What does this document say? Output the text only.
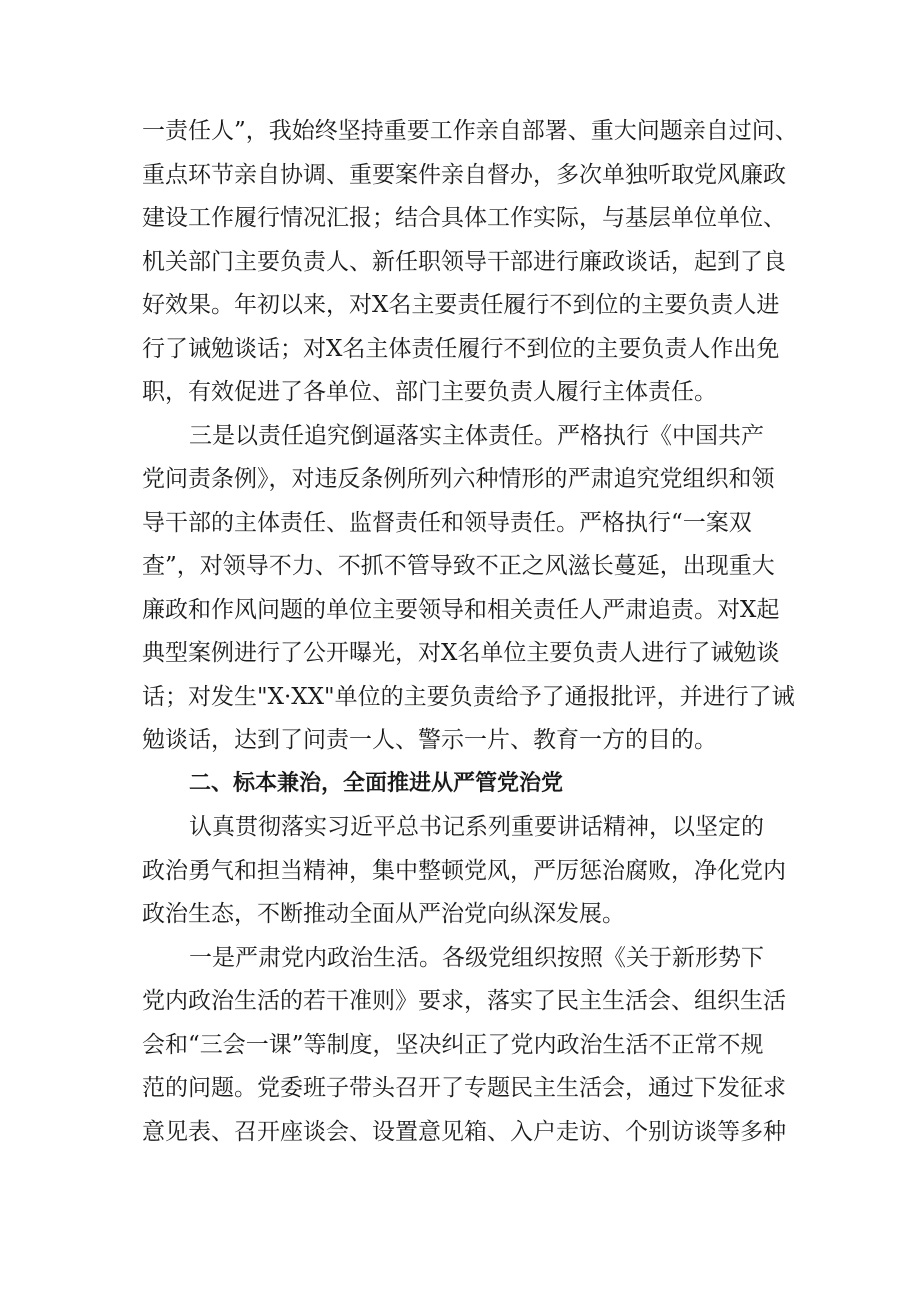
一责任人”，我始终坚持重要工作亲自部署、重大问题亲自过问、
重点环节亲自协调、重要案件亲自督办，多次单独听取党风廉政
建设工作履行情况汇报；结合具体工作实际，与基层单位单位、
机关部门主要负责人、新任职领导干部进行廉政谈话，起到了良
好效果。年初以来，对X名主要责任履行不到位的主要负责人进
行了诫勉谈话；对X名主体责任履行不到位的主要负责人作出免
职，有效促进了各单位、部门主要负责人履行主体责任。
三是以责任追究倒逼落实主体责任。严格执行《中国共产
党问责条例》，对违反条例所列六种情形的严肃追究党组织和领
导干部的主体责任、监督责任和领导责任。严格执行“一案双
查”，对领导不力、不抓不管导致不正之风滋长蔓延，出现重大
廉政和作风问题的单位主要领导和相关责任人严肃追责。对X起
典型案例进行了公开曝光，对X名单位主要负责人进行了诫勉谈
话；对发生"X·XX"单位的主要负责给予了通报批评，并进行了诫
勉谈话，达到了问责一人、警示一片、教育一方的目的。
二、标本兼治，全面推进从严管党治党
认真贯彻落实习近平总书记系列重要讲话精神，以坚定的
政治勇气和担当精神，集中整顿党风，严厉惩治腐败，净化党内
政治生态，不断推动全面从严治党向纵深发展。
一是严肃党内政治生活。各级党组织按照《关于新形势下
党内政治生活的若干准则》要求，落实了民主生活会、组织生活
会和“三会一课”等制度，坚决纠正了党内政治生活不正常不规
范的问题。党委班子带头召开了专题民主生活会，通过下发征求
意见表、召开座谈会、设置意见箱、入户走访、个别访谈等多种
